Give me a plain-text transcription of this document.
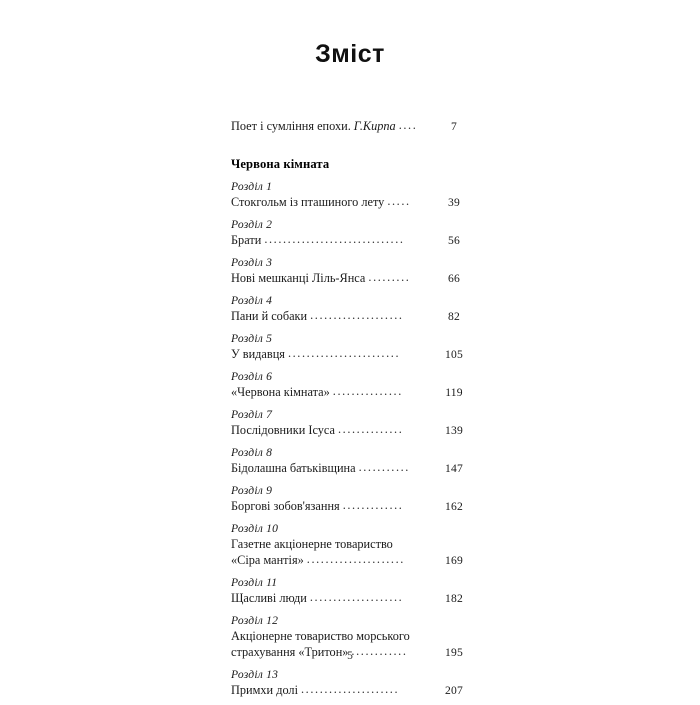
Зміст
Поет і сумління епохи. Г.Кирпа ....	7
Червона кімната
Розділ 1
Стокгольм із пташиного лету .....	39
Розділ 2
Брати ..............................	56
Розділ 3
Нові мешканці Ліль-Янса .........	66
Розділ 4
Пани й собаки ....................	82
Розділ 5
У видавця ........................	105
Розділ 6
«Червона кімната» ...............	119
Розділ 7
Послідовники Ісуса ..............	139
Розділ 8
Бідолашна батьківщина ...........	147
Розділ 9
Боргові зобов'язання .............	162
Розділ 10
Газетне акціонерне товариство
«Сіра мантія» .....................	169
Розділ 11
Щасливі люди ....................	182
Розділ 12
Акціонерне товариство морського
страхування «Тритон» ............	195
Розділ 13
Примхи долі .....................	207
5
